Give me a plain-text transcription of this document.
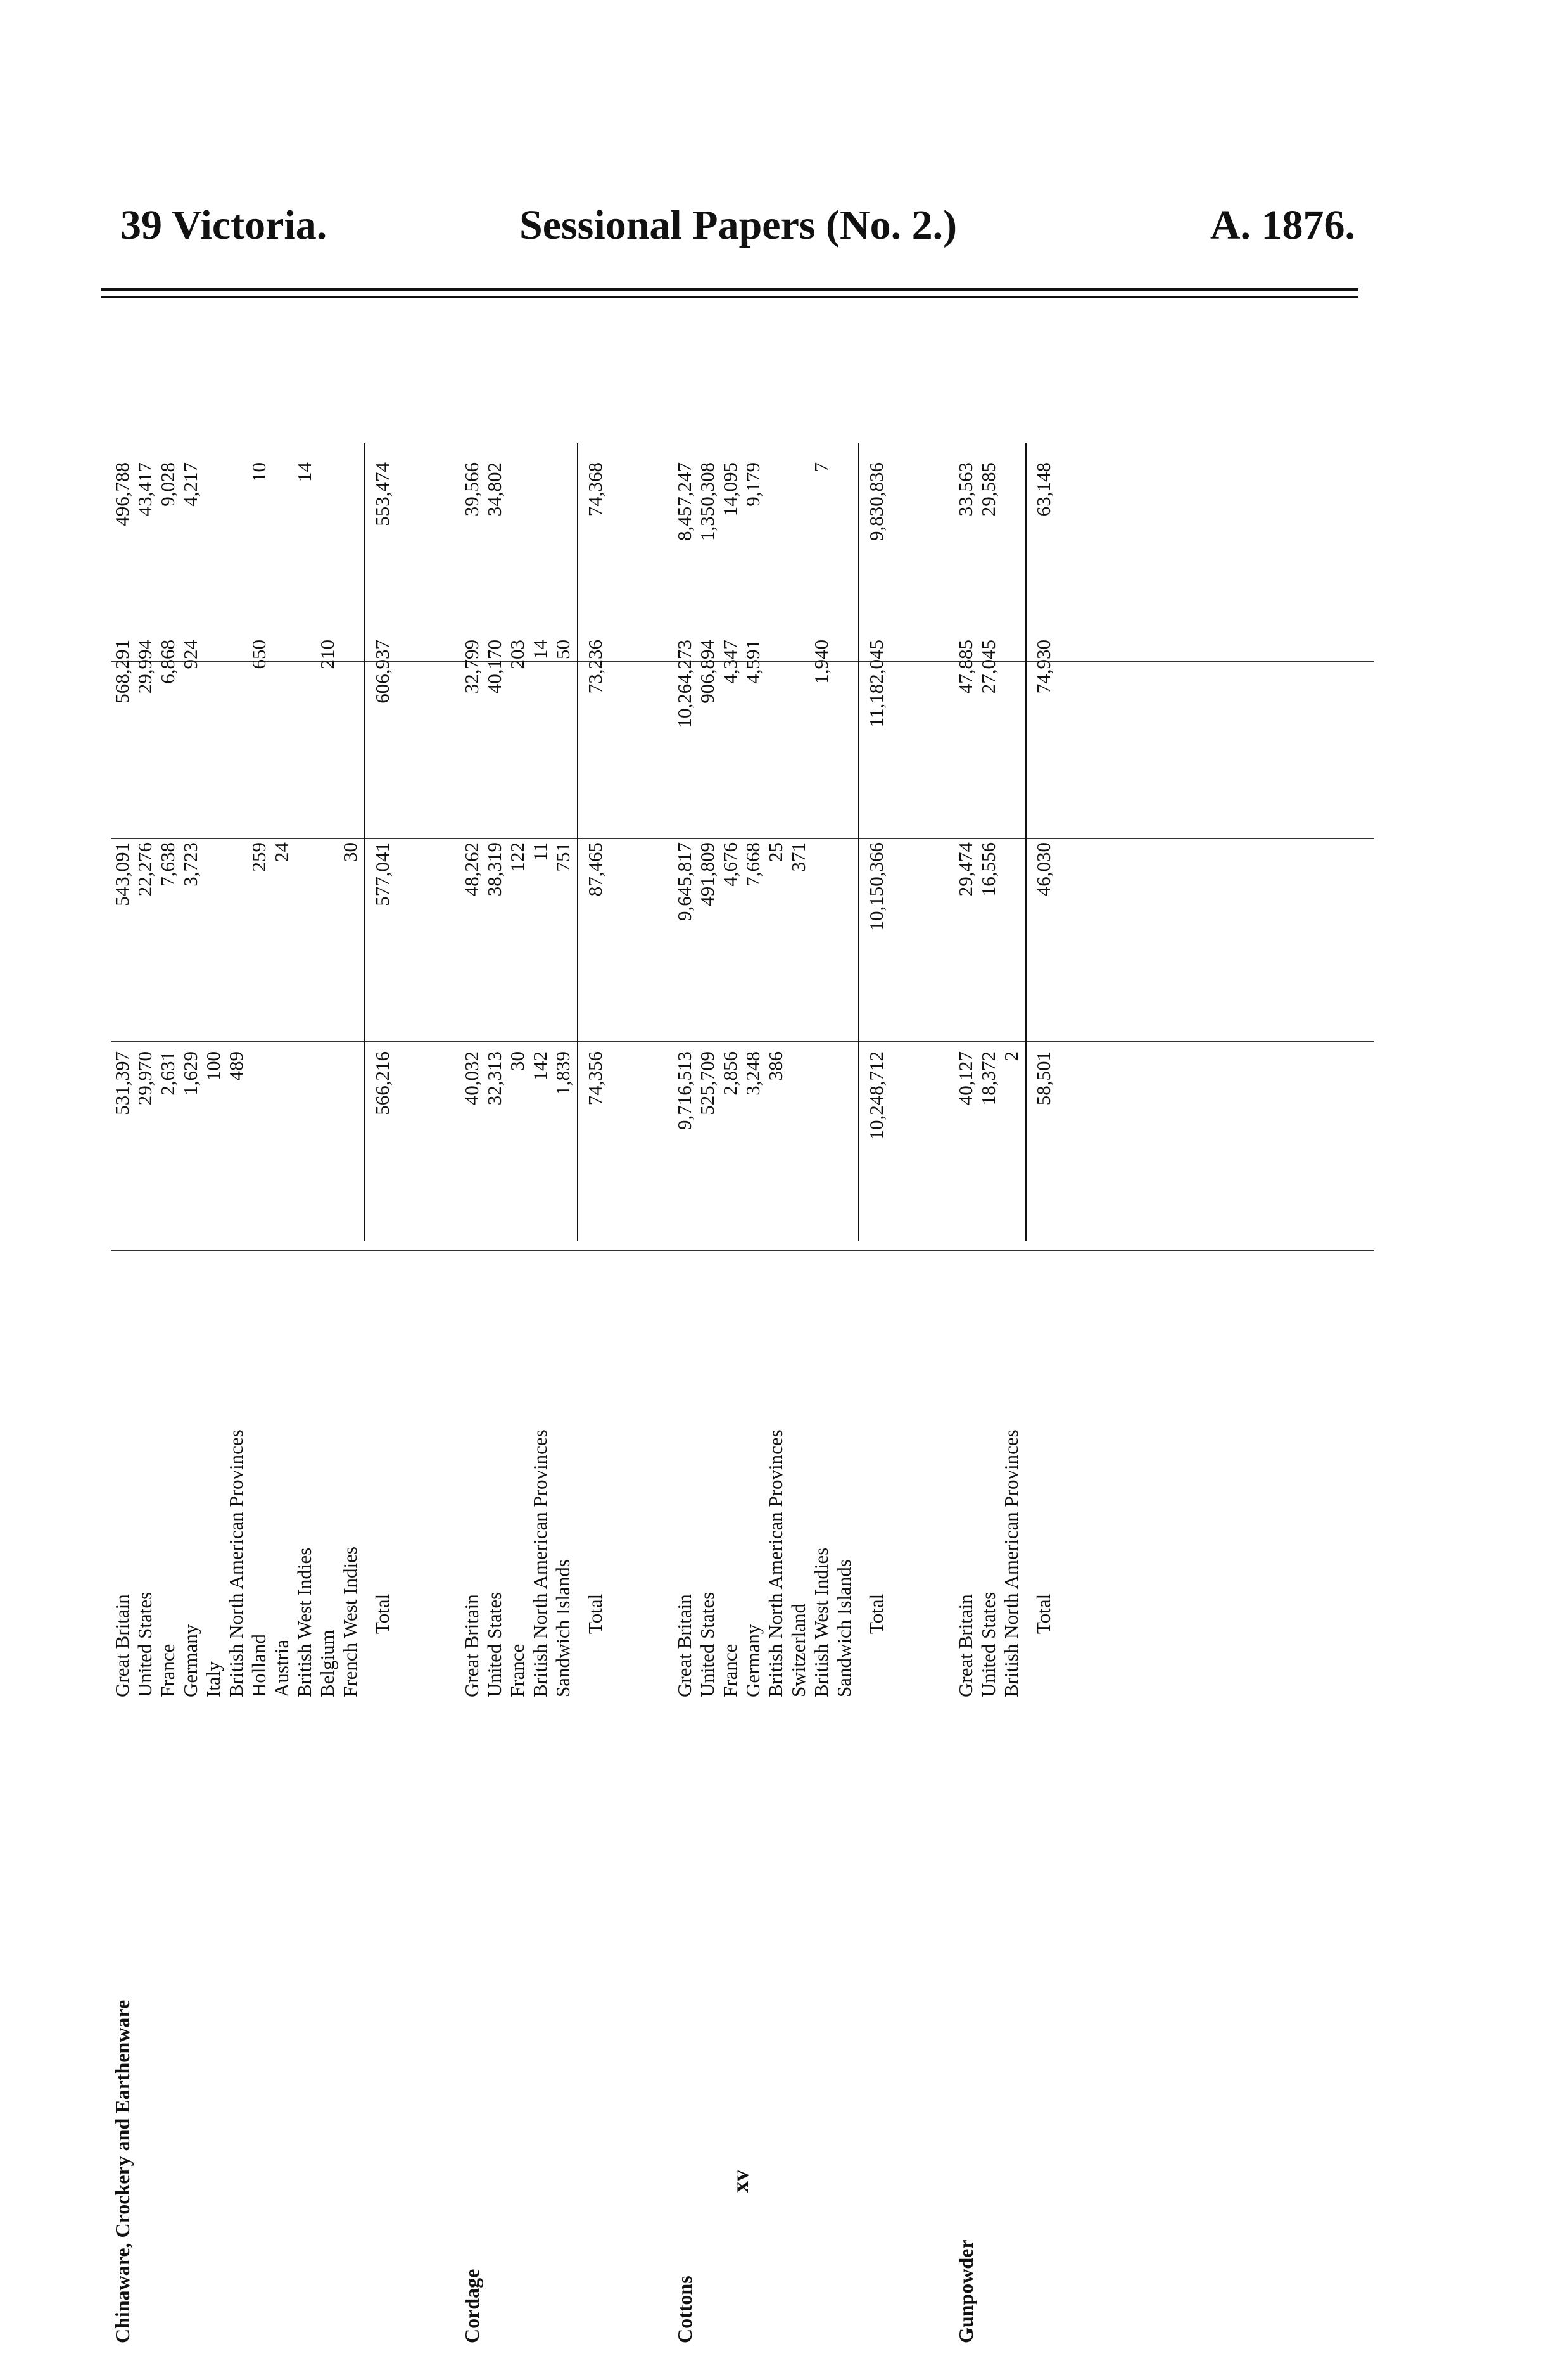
39 Victoria.	Sessional Papers (No. 2.)	A. 1876.
Chinaware, Crockery and Earthenware
Great Britain
531,397
543,091
568,291
496,788
United States
29,970
22,276
29,994
43,417
France
2,631
7,638
6,868
9,028
Germany
1,629
3,723
924
4,217
Italy
100
British North American Provinces
489
Holland
259
650
10
Austria
24
British West Indies
14
Belgium
210
French West Indies
30
Total
566,216
577,041
606,937
553,474
Cordage
Great Britain
40,032
48,262
32,799
39,566
United States
32,313
38,319
40,170
34,802
France
30
122
203
British North American Provinces
142
11
14
Sandwich Islands
1,839
751
50
Total
74,356
87,465
73,236
74,368
Cottons
Great Britain
9,716,513
9,645,817
10,264,273
8,457,247
United States
525,709
491,809
906,894
1,350,308
France
2,856
4,676
4,347
14,095
Germany
3,248
7,668
4,591
9,179
British North American Provinces
386
25
Switzerland
371
British West Indies
1,940
7
Sandwich Islands Total
10,248,712
10,150,366
11,182,045
9,830,836
Gunpowder
Great Britain
40,127
29,474
47,885
33,563
United States
18,372
16,556
27,045
29,585
British North American Provinces
2
Total
58,501
46,030
74,930
63,148
xv
